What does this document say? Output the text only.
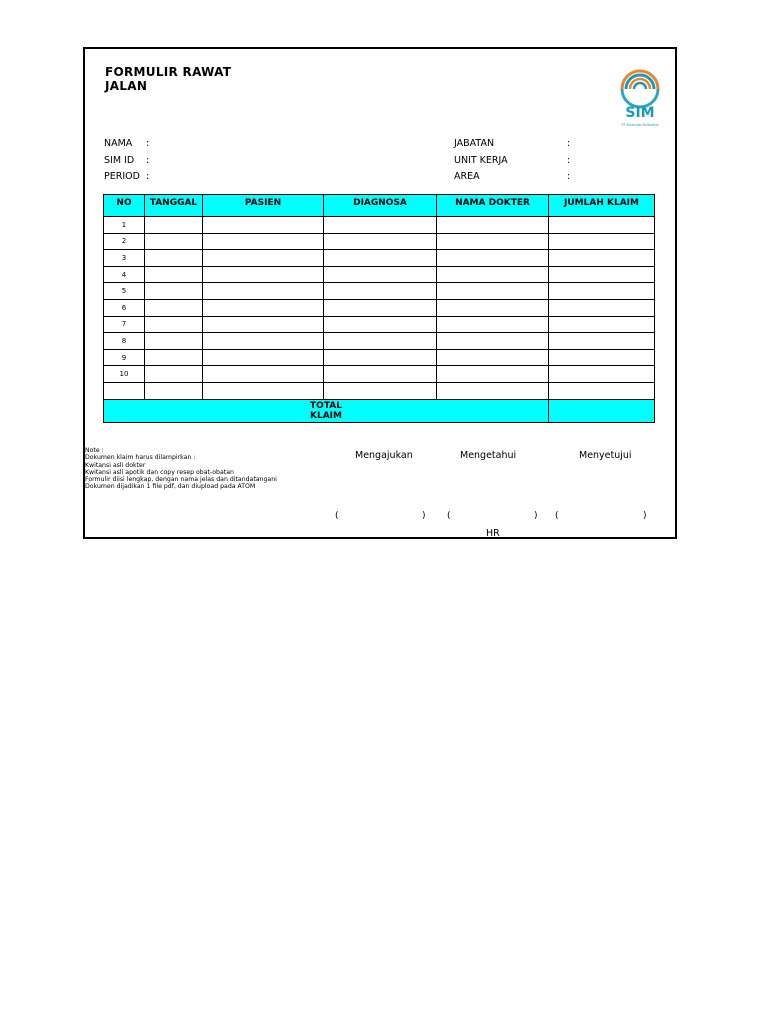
FORMULIR RAWAT JALAN
SIM
PT Sinarmas Multiartha
NAMA :
SIM ID :
PERIOD :
JABATAN	:
UNIT KERJA	:
AREA	:
NO	TANGGAL	PASIEN	DIAGNOSA	NAMA DOKTER	JUMLAH KLAIM
1					
2					
3					
4					
5					
6					
7					
8					
9					
10					

TOTAL
KLAIM					
Note :
Dokumen klaim harus dilampirkan :
Kwitansi asli dokter
Kwitansi asli apotik dan copy resep obat-obatan
Formulir diisi lengkap, dengan nama jelas dan ditandatangani
Dokumen dijadikan 1 file pdf, dan diupload pada ATOM
Mengajukan	Mengetahui	Menyetujui
(	) (	) (	)
HR
